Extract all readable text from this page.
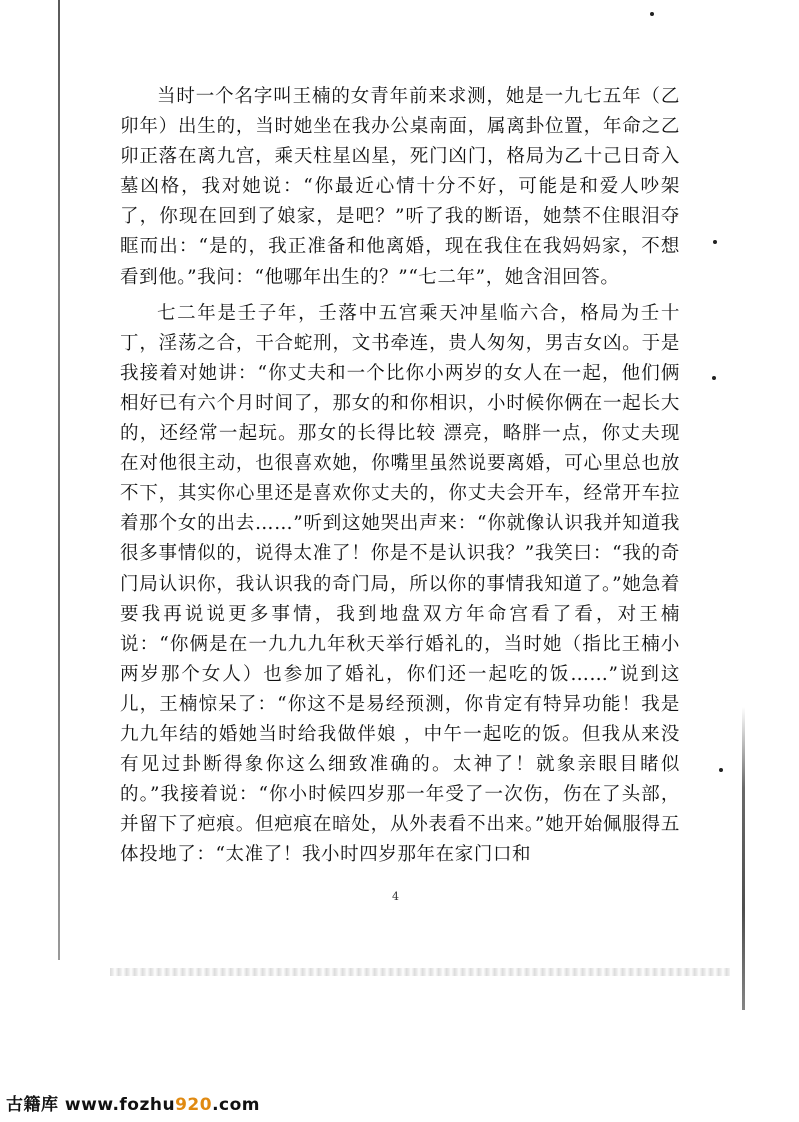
当时一个名字叫王楠的女青年前来求测，她是一九七五年（乙卯年）出生的，当时她坐在我办公桌南面，属离卦位置，年命之乙卯正落在离九宫，乘天柱星凶星，死门凶门，格局为乙十己日奇入墓凶格，我对她说：“你最近心情十分不好，可能是和爱人吵架了，你现在回到了娘家，是吧？”听了我的断语，她禁不住眼泪夺眶而出：“是的，我正准备和他离婚，现在我住在我妈妈家，不想看到他。”我问：“他哪年出生的？”“七二年”，她含泪回答。

七二年是壬子年，壬落中五宫乘天冲星临六合，格局为壬十丁，淫荡之合，干合蛇刑，文书牵连，贵人匆匆，男吉女凶。于是我接着对她讲：“你丈夫和一个比你小两岁的女人在一起，他们俩相好已有六个月时间了，那女的和你相识，小时候你俩在一起长大的，还经常一起玩。那女的长得比较 漂亮，略胖一点，你丈夫现在对他很主动，也很喜欢她，你嘴里虽然说要离婚，可心里总也放不下，其实你心里还是喜欢你丈夫的，你丈夫会开车，经常开车拉着那个女的出去……”听到这她哭出声来：“你就像认识我并知道我很多事情似的，说得太准了！你是不是认识我？”我笑曰：“我的奇门局认识你，我认识我的奇门局，所以你的事情我知道了。”她急着要我再说说更多事情，我到地盘双方年命宫看了看，对王楠说：“你俩是在一九九九年秋天举行婚礼的，当时她（指比王楠小两岁那个女人）也参加了婚礼，你们还一起吃的饭……”说到这儿，王楠惊呆了：“你这不是易经预测，你肯定有特异功能！我是九九年结的婚她当时给我做伴娘 ，中午一起吃的饭。但我从来没有见过卦断得象你这么细致准确的。太神了！就象亲眼目睹似的。”我接着说：“你小时候四岁那一年受了一次伤，伤在了头部，并留下了疤痕。但疤痕在暗处，从外表看不出来。”她开始佩服得五体投地了：“太准了！我小时四岁那年在家门口和

4
古籍库 www.fozhu920.com
